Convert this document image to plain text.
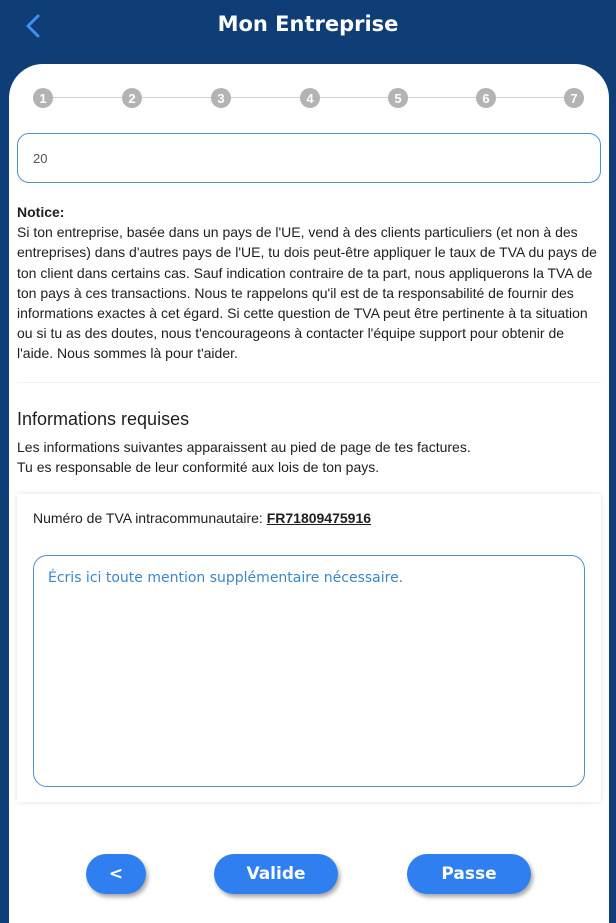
Mon Entreprise
1	2	3	4	5	6	7
20
Notice:
Si ton entreprise, basée dans un pays de l'UE, vend à des clients particuliers (et non à des entreprises) dans d'autres pays de l'UE, tu dois peut-être appliquer le taux de TVA du pays de ton client dans certains cas. Sauf indication contraire de ta part, nous appliquerons la TVA de ton pays à ces transactions. Nous te rappelons qu'il est de ta responsabilité de fournir des informations exactes à cet égard. Si cette question de TVA peut être pertinente à ta situation ou si tu as des doutes, nous t'encourageons à contacter l'équipe support pour obtenir de l'aide. Nous sommes là pour t'aider.
Informations requises
Les informations suivantes apparaissent au pied de page de tes factures.
Tu es responsable de leur conformité aux lois de ton pays.
Numéro de TVA intracommunautaire: FR71809475916
Écris ici toute mention supplémentaire nécessaire.
<	Valide	Passe
